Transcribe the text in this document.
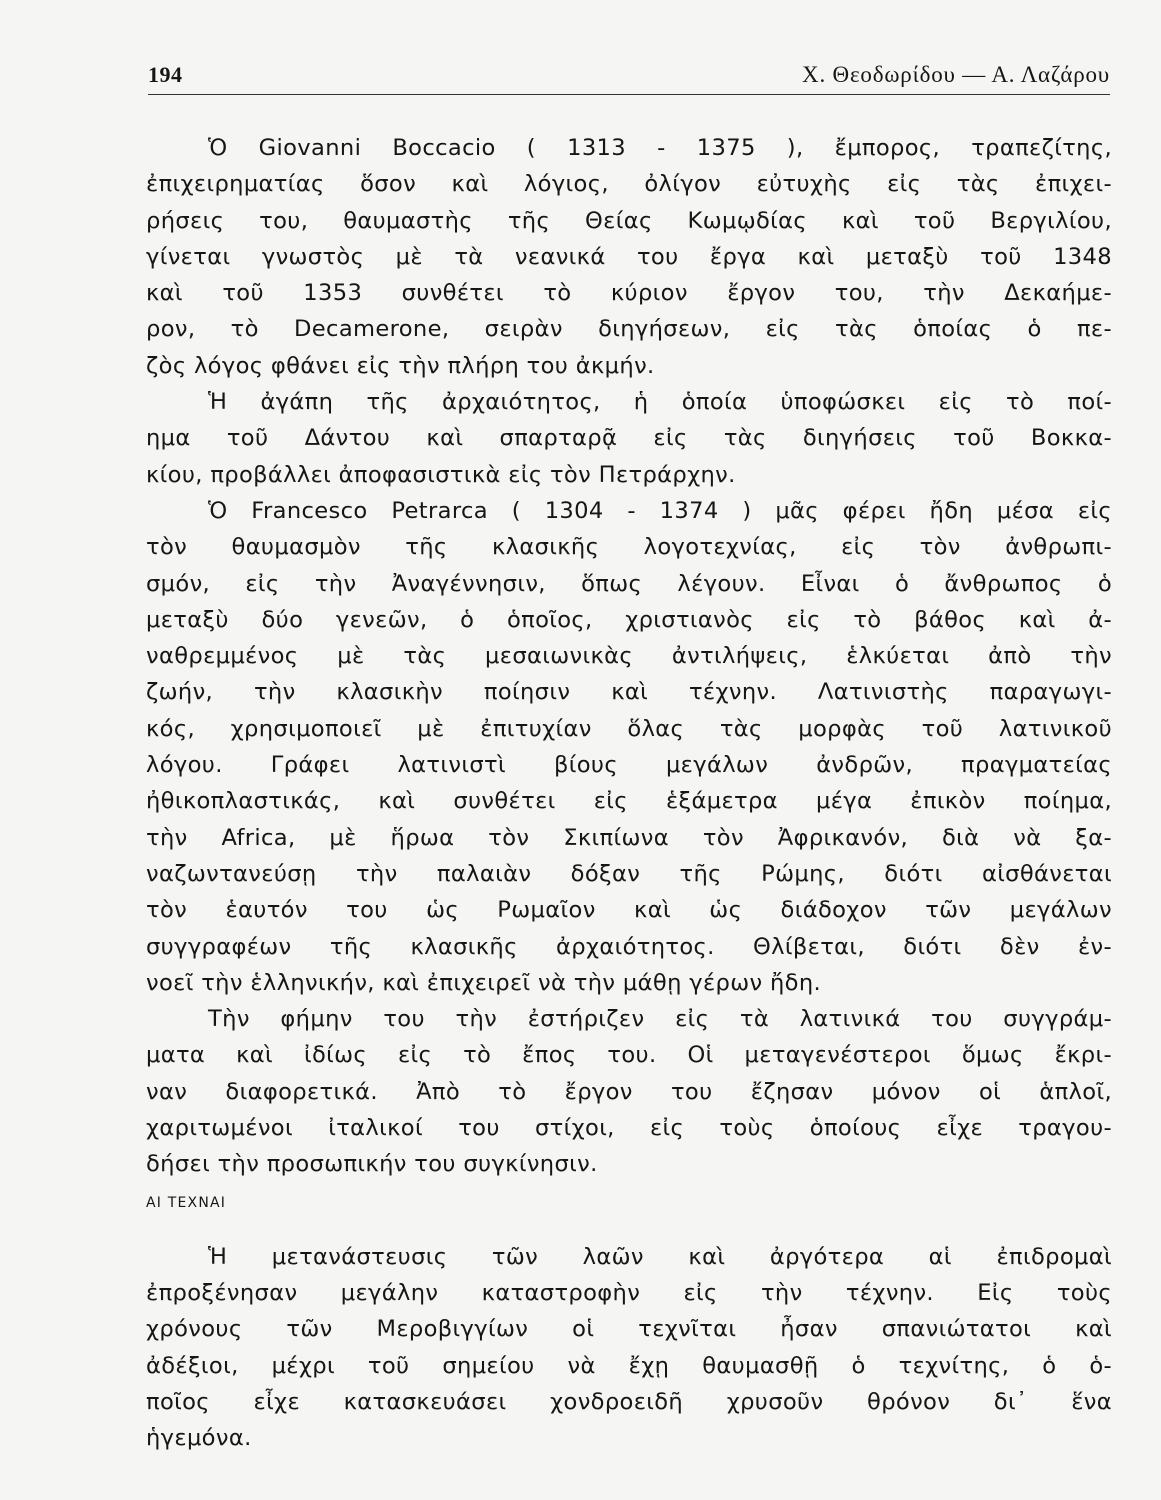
194	Χ. Θεοδωρίδου — Α. Λαζάρου
Ὁ Giovanni Boccacio ( 1313 - 1375 ), ἔμπορος, τραπεζίτης,
ἐπιχειρηματίας ὅσον καὶ λόγιος, ὀλίγον εὐτυχὴς εἰς τὰς ἐπιχει-
ρήσεις του, θαυμαστὴς τῆς Θείας Κωμῳδίας καὶ τοῦ Βεργιλίου,
γίνεται γνωστὸς μὲ τὰ νεανικά του ἔργα καὶ μεταξὺ τοῦ 1348
καὶ τοῦ 1353 συνθέτει τὸ κύριον ἔργον του, τὴν Δεκαήμε-
ρον, τὸ Decamerone, σειρὰν διηγήσεων, εἰς τὰς ὁποίας ὁ πε-
ζὸς λόγος φθάνει εἰς τὴν πλήρη του ἀκμήν.
Ἡ ἀγάπη τῆς ἀρχαιότητος, ἡ ὁποία ὑποφώσκει εἰς τὸ ποί-
ημα τοῦ Δάντου καὶ σπαρταρᾷ εἰς τὰς διηγήσεις τοῦ Βοκκα-
κίου, προβάλλει ἀποφασιστικὰ εἰς τὸν Πετράρχην.
Ὁ Francesco Petrarca ( 1304 - 1374 ) μᾶς φέρει ἤδη μέσα εἰς
τὸν θαυμασμὸν τῆς κλασικῆς λογοτεχνίας, εἰς τὸν ἀνθρωπι-
σμόν, εἰς τὴν Ἀναγέννησιν, ὅπως λέγουν. Εἶναι ὁ ἄνθρωπος ὁ
μεταξὺ δύο γενεῶν, ὁ ὁποῖος, χριστιανὸς εἰς τὸ βάθος καὶ ἀ-
ναθρεμμένος μὲ τὰς μεσαιωνικὰς ἀντιλήψεις, ἑλκύεται ἀπὸ τὴν
ζωήν, τὴν κλασικὴν ποίησιν καὶ τέχνην. Λατινιστὴς παραγωγι-
κός, χρησιμοποιεῖ μὲ ἐπιτυχίαν ὅλας τὰς μορφὰς τοῦ λατινικοῦ
λόγου. Γράφει λατινιστὶ βίους μεγάλων ἀνδρῶν, πραγματείας
ἠθικοπλαστικάς, καὶ συνθέτει εἰς ἑξάμετρα μέγα ἐπικὸν ποίημα,
τὴν Africa, μὲ ἥρωα τὸν Σκιπίωνα τὸν Ἀφρικανόν, διὰ νὰ ξα-
ναζωντανεύσῃ τὴν παλαιὰν δόξαν τῆς Ρώμης, διότι αἰσθάνεται
τὸν ἑαυτόν του ὡς Ρωμαῖον καὶ ὡς διάδοχον τῶν μεγάλων
συγγραφέων τῆς κλασικῆς ἀρχαιότητος. Θλίβεται, διότι δὲν ἐν-
νοεῖ τὴν ἑλληνικήν, καὶ ἐπιχειρεῖ νὰ τὴν μάθῃ γέρων ἤδη.
Τὴν φήμην του τὴν ἐστήριζεν εἰς τὰ λατινικά του συγγράμ-
ματα καὶ ἰδίως εἰς τὸ ἔπος του. Οἱ μεταγενέστεροι ὅμως ἔκρι-
ναν διαφορετικά. Ἀπὸ τὸ ἔργον του ἔζησαν μόνον οἱ ἁπλοῖ,
χαριτωμένοι ἰταλικοί του στίχοι, εἰς τοὺς ὁποίους εἶχε τραγου-
δήσει τὴν προσωπικήν του συγκίνησιν.
ΑΙ ΤΕΧΝΑΙ
Ἡ μετανάστευσις τῶν λαῶν καὶ ἀργότερα αἱ ἐπιδρομαὶ
ἐπροξένησαν μεγάλην καταστροφὴν εἰς τὴν τέχνην. Εἰς τοὺς
χρόνους τῶν Μεροβιγγίων οἱ τεχνῖται ἦσαν σπανιώτατοι καὶ
ἀδέξιοι, μέχρι τοῦ σημείου νὰ ἔχῃ θαυμασθῇ ὁ τεχνίτης, ὁ ὁ-
ποῖος εἶχε κατασκευάσει χονδροειδῆ χρυσοῦν θρόνον δι᾽ ἕνα
ἡγεμόνα.
